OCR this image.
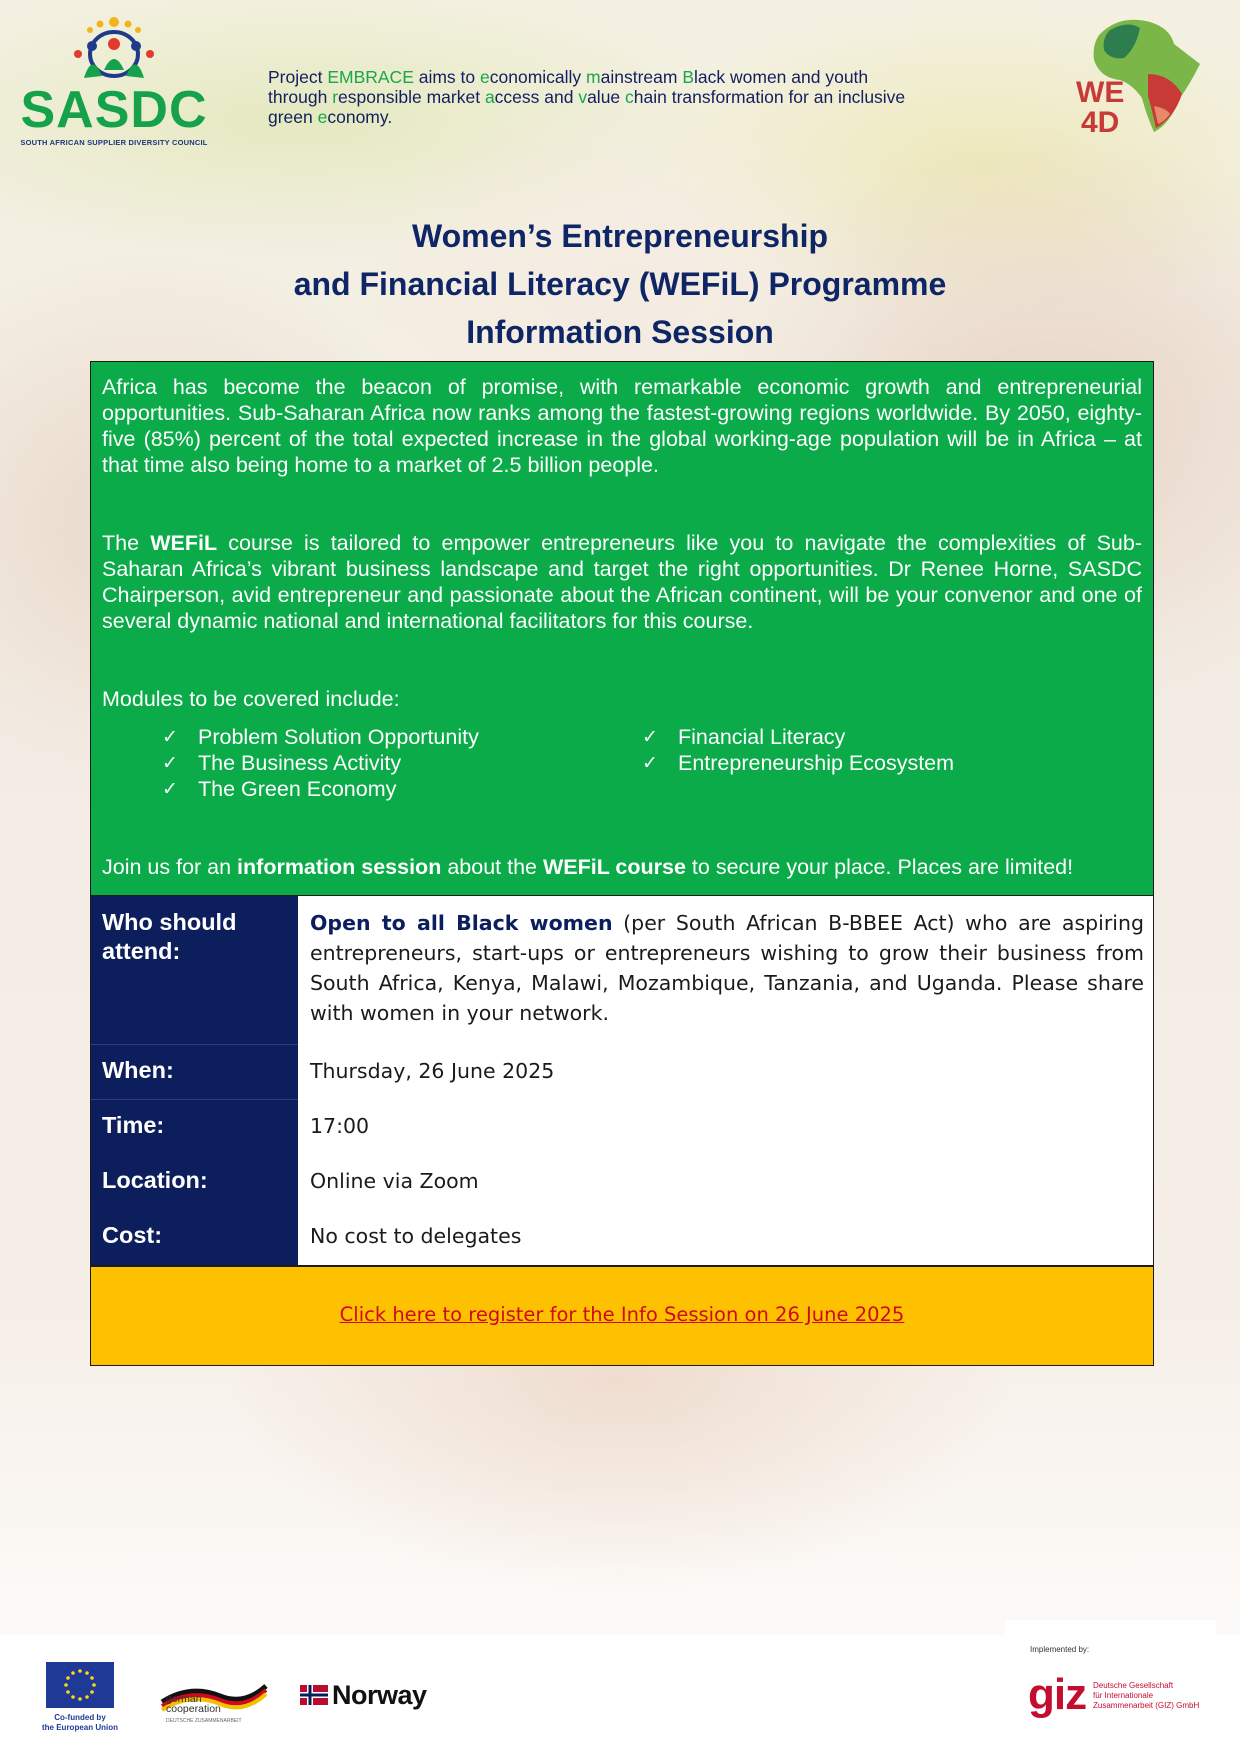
SASDC
SOUTH AFRICAN SUPPLIER DIVERSITY COUNCIL
Project EMBRACE aims to economically mainstream Black women and youth
through responsible market access and value chain transformation for an inclusive
green economy.
WE
4D
Women’s Entrepreneurship
and Financial Literacy (WEFiL) Programme
Information Session

Africa has become the beacon of promise, with remarkable economic growth and entrepreneurial opportunities. Sub-Saharan Africa now ranks among the fastest-growing regions worldwide. By 2050, eighty-five (85%) percent of the total expected increase in the global working-age population will be in Africa – at that time also being home to a market of 2.5 billion people.

The WEFiL course is tailored to empower entrepreneurs like you to navigate the complexities of Sub-Saharan Africa’s vibrant business landscape and target the right opportunities. Dr Renee Horne, SASDC Chairperson, avid entrepreneur and passionate about the African continent, will be your convenor and one of several dynamic national and international facilitators for this course.

Modules to be covered include:

✓ Problem Solution Opportunity
✓ The Business Activity
✓ The Green Economy
✓ Financial Literacy
✓ Entrepreneurship Ecosystem

Join us for an information session about the WEFiL course to secure your place. Places are limited!

Who should attend:
Open to all Black women (per South African B-BBEE Act) who are aspiring entrepreneurs, start-ups or entrepreneurs wishing to grow their business from South Africa, Kenya, Malawi, Mozambique, Tanzania, and Uganda. Please share with women in your network.
When:	Thursday, 26 June 2025
Time:	17:00
Location:	Online via Zoom
Cost:	No cost to delegates
Click here to register for the Info Session on 26 June 2025
Co-funded by
the European Union
german
cooperation
DEUTSCHE ZUSAMMENARBEIT
Norway
Implemented by:
giz Deutsche Gesellschaft
für Internationale
Zusammenarbeit (GIZ) GmbH
